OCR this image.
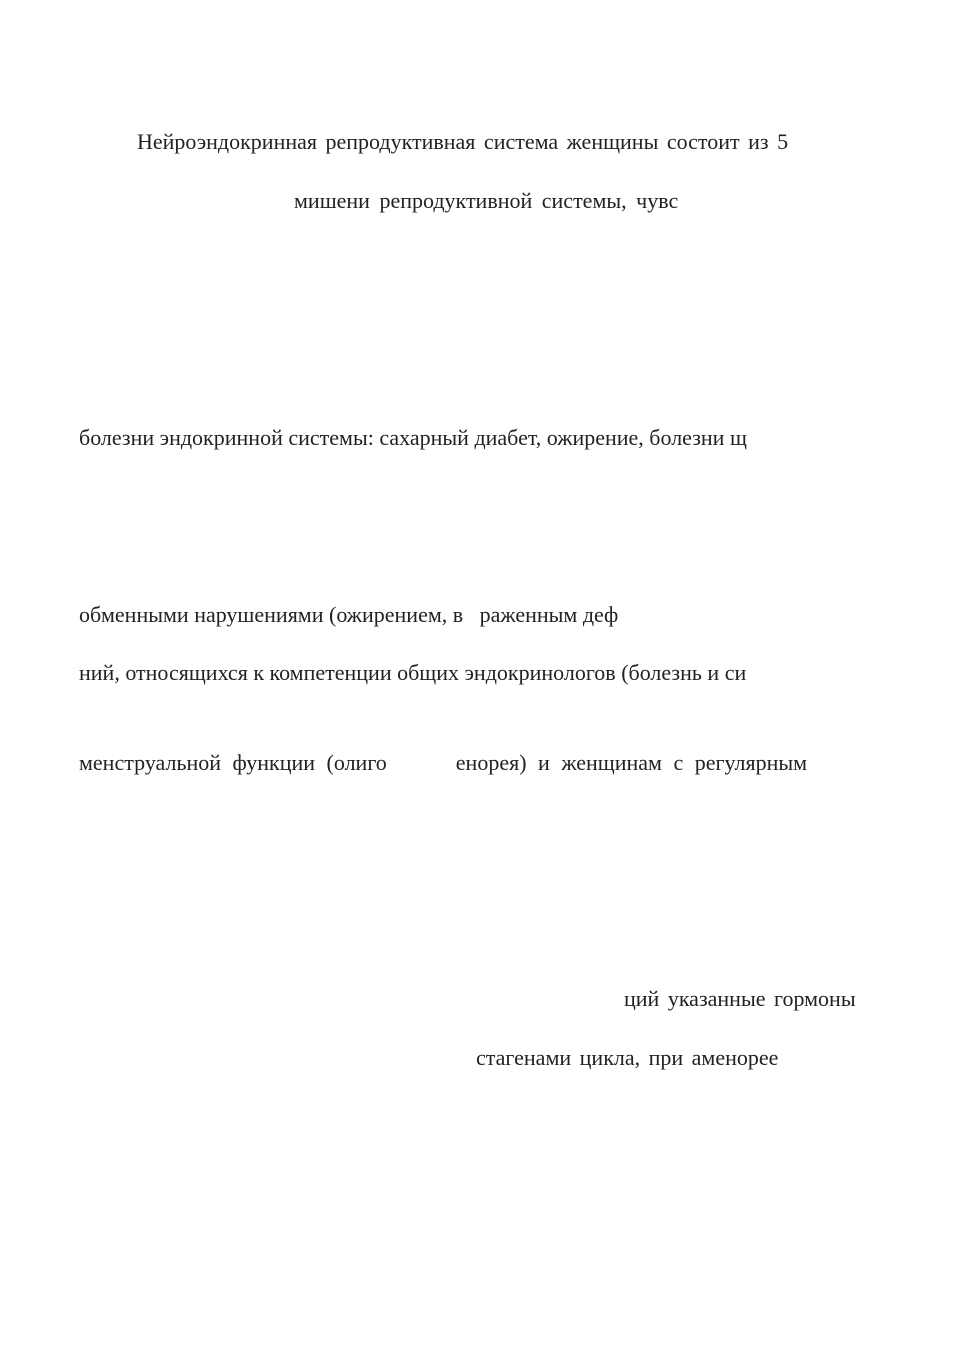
Нейроэндокринная репродуктивная система женщины состоит из 5

мишени репродуктивной системы, чувс

болезни эндокринной системы: сахарный диабет, ожирение, болезни щ

обменными нарушениями (ожирением, в   раженным деф

ний, относящихся к компетенции общих эндокринологов (болезнь и си

менструальной функции (олиго      енорея) и женщинам с регулярным

ций указанные гормоны

стагенами цикла, при аменорее
